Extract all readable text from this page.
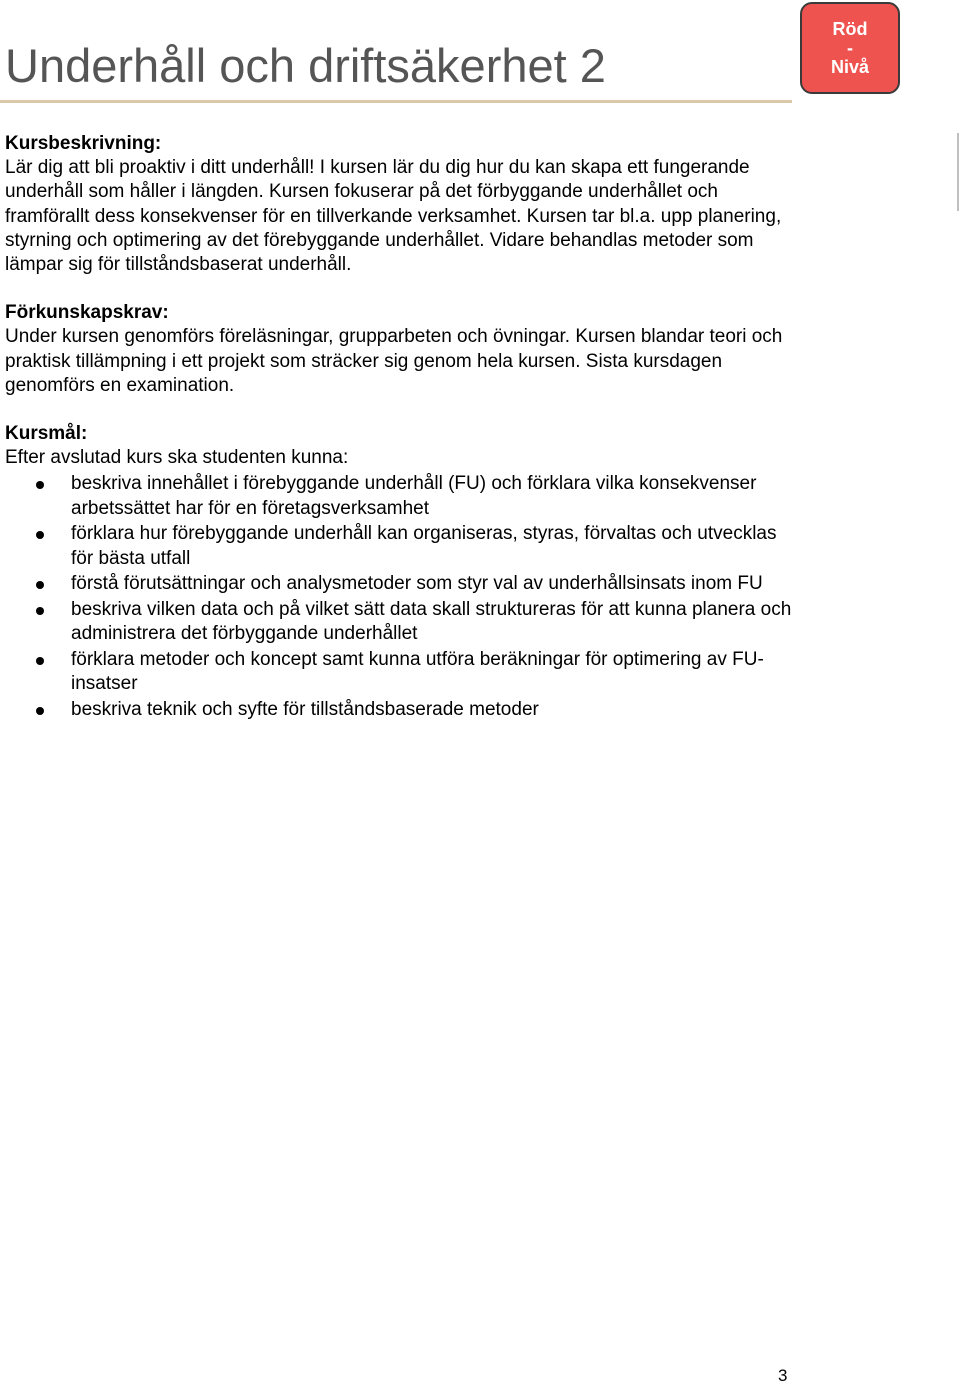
Underhåll och driftsäkerhet 2
Röd
-
Nivå

Kursbeskrivning:

Lär dig att bli proaktiv i ditt underhåll! I kursen lär du dig hur du kan skapa ett fungerande underhåll som håller i längden. Kursen fokuserar på det förbyggande underhållet och framförallt dess konsekvenser för en tillverkande verksamhet. Kursen tar bl.a. upp planering, styrning och optimering av det förebyggande underhållet. Vidare behandlas metoder som lämpar sig för tillståndsbaserat underhåll.

Förkunskapskrav:

Under kursen genomförs föreläsningar, grupparbeten och övningar. Kursen blandar teori och praktisk tillämpning i ett projekt som sträcker sig genom hela kursen. Sista kursdagen genomförs en examination.

Kursmål:

Efter avslutad kurs ska studenten kunna:

beskriva innehållet i förebyggande underhåll (FU) och förklara vilka konsekvenser arbetssättet har för en företagsverksamhet
förklara hur förebyggande underhåll kan organiseras, styras, förvaltas och utvecklas för bästa utfall
förstå förutsättningar och analysmetoder som styr val av underhållsinsats inom FU
beskriva vilken data och på vilket sätt data skall struktureras för att kunna planera och administrera det förbyggande underhållet
förklara metoder och koncept samt kunna utföra beräkningar för optimering av FU-insatser
beskriva teknik och syfte för tillståndsbaserade metoder
3
